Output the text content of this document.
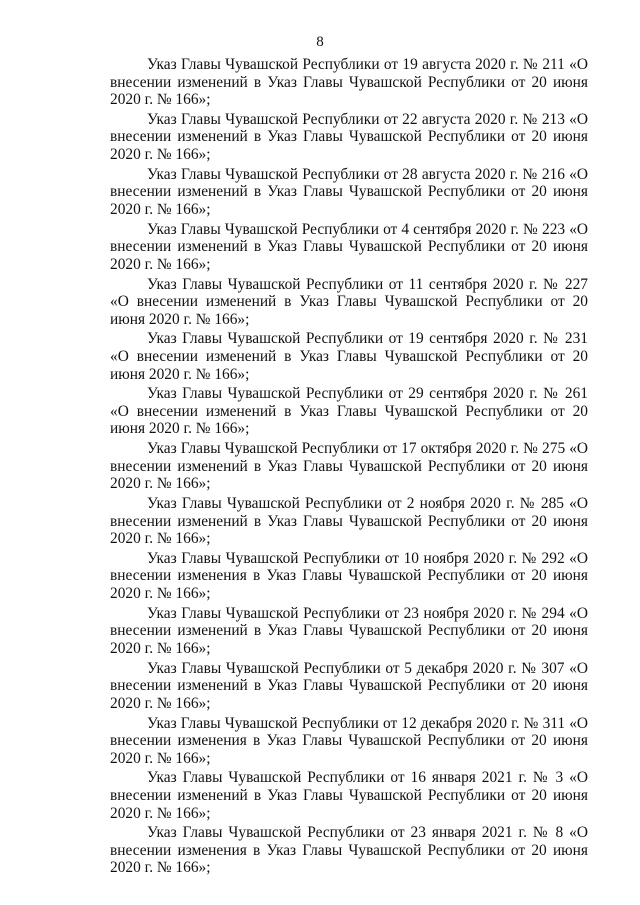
8

Указ Главы Чувашской Республики от 19 августа 2020 г. № 211 «О внесении изменений в Указ Главы Чувашской Республики от 20 июня 2020 г. № 166»;

Указ Главы Чувашской Республики от 22 августа 2020 г. № 213 «О внесении изменений в Указ Главы Чувашской Республики от 20 июня 2020 г. № 166»;

Указ Главы Чувашской Республики от 28 августа 2020 г. № 216 «О внесении изменений в Указ Главы Чувашской Республики от 20 июня 2020 г. № 166»;

Указ Главы Чувашской Республики от 4 сентября 2020 г. № 223 «О внесении изменений в Указ Главы Чувашской Республики от 20 июня 2020 г. № 166»;

Указ Главы Чувашской Республики от 11 сентября 2020 г. № 227 «О внесении изменений в Указ Главы Чувашской Республики от 20 июня 2020 г. № 166»;

Указ Главы Чувашской Республики от 19 сентября 2020 г. № 231 «О внесении изменений в Указ Главы Чувашской Республики от 20 июня 2020 г. № 166»;

Указ Главы Чувашской Республики от 29 сентября 2020 г. № 261 «О внесении изменений в Указ Главы Чувашской Республики от 20 июня 2020 г. № 166»;

Указ Главы Чувашской Республики от 17 октября 2020 г. № 275 «О внесении изменений в Указ Главы Чувашской Республики от 20 июня 2020 г. № 166»;

Указ Главы Чувашской Республики от 2 ноября 2020 г. № 285 «О внесении изменений в Указ Главы Чувашской Республики от 20 июня 2020 г. № 166»;

Указ Главы Чувашской Республики от 10 ноября 2020 г. № 292 «О внесении изменения в Указ Главы Чувашской Республики от 20 июня 2020 г. № 166»;

Указ Главы Чувашской Республики от 23 ноября 2020 г. № 294 «О внесении изменений в Указ Главы Чувашской Республики от 20 июня 2020 г. № 166»;

Указ Главы Чувашской Республики от 5 декабря 2020 г. № 307 «О внесении изменений в Указ Главы Чувашской Республики от 20 июня 2020 г. № 166»;

Указ Главы Чувашской Республики от 12 декабря 2020 г. № 311 «О внесении изменения в Указ Главы Чувашской Республики от 20 июня 2020 г. № 166»;

Указ Главы Чувашской Республики от 16 января 2021 г. № 3 «О внесении изменений в Указ Главы Чувашской Республики от 20 июня 2020 г. № 166»;

Указ Главы Чувашской Республики от 23 января 2021 г. № 8 «О внесении изменения в Указ Главы Чувашской Республики от 20 июня 2020 г. № 166»;
